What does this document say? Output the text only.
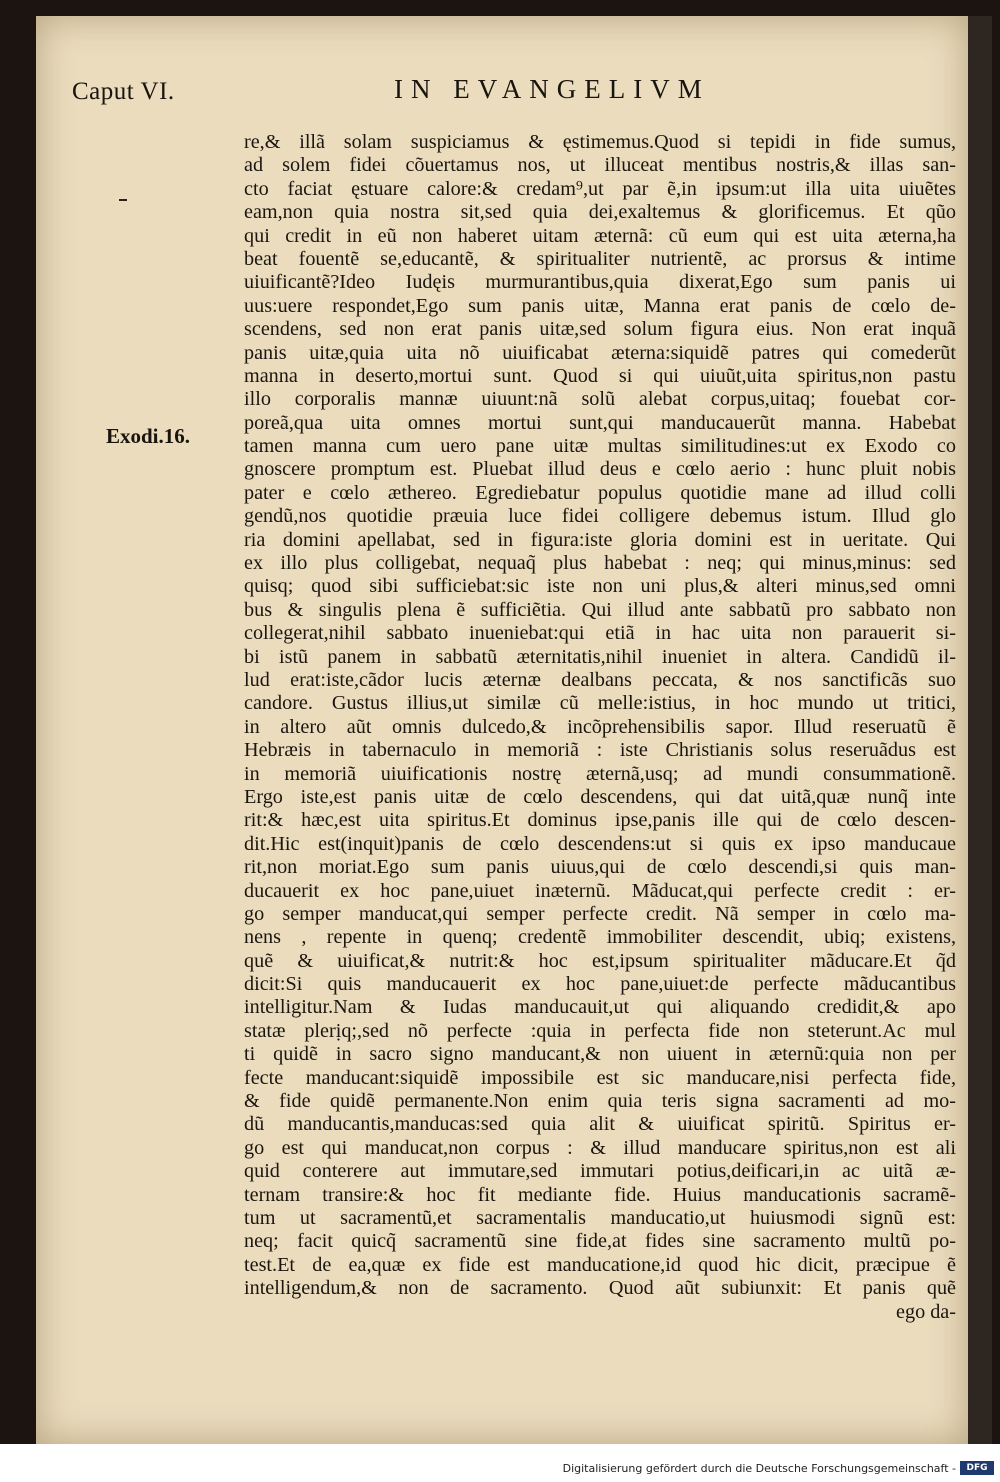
Caput VI.	IN EVANGELIVM
Exodi.16.
re,& illã solam suspiciamus & ęstimemus.Quod si tepidi in fide sumus,
ad solem fidei cõuertamus nos, ut illuceat mentibus nostris,& illas san-
cto faciat ęstuare calore:& credam⁹,ut par ẽ,in ipsum:ut illa uita uiuẽtes
eam,non quia nostra sit,sed quia dei,exaltemus & glorificemus. Et qũo
qui credit in eũ non haberet uitam æternã: cũ eum qui est uita æterna,ha
beat fouentẽ se,educantẽ, & spiritualiter nutrientẽ, ac prorsus & intime
uiuificantẽ?Ideo Iudęis murmurantibus,quia dixerat,Ego sum panis ui
uus:uere respondet,Ego sum panis uitæ, Manna erat panis de cœlo de-
scendens, sed non erat panis uitæ,sed solum figura eius. Non erat inquã
panis uitæ,quia uita nõ uiuificabat æterna:siquidẽ patres qui comederũt
manna in deserto,mortui sunt. Quod si qui uiuũt,uita spiritus,non pastu
illo corporalis mannæ uiuunt:nã solũ alebat corpus,uitaq; fouebat cor-
poreã,qua uita omnes mortui sunt,qui manducauerũt manna. Habebat
tamen manna cum uero pane uitæ multas similitudines:ut ex Exodo co
gnoscere promptum est. Pluebat illud deus e cœlo aerio : hunc pluit nobis
pater e cœlo æthereo. Egrediebatur populus quotidie mane ad illud colli
gendũ,nos quotidie præuia luce fidei colligere debemus istum. Illud glo
ria domini apellabat, sed in figura:iste gloria domini est in ueritate. Qui
ex illo plus colligebat, nequaq̃ plus habebat : neq; qui minus,minus: sed
quisq; quod sibi sufficiebat:sic iste non uni plus,& alteri minus,sed omni
bus & singulis plena ẽ sufficiẽtia. Qui illud ante sabbatũ pro sabbato non
collegerat,nihil sabbato inueniebat:qui etiã in hac uita non parauerit si-
bi istũ panem in sabbatũ æternitatis,nihil inueniet in altera. Candidũ il-
lud erat:iste,cãdor lucis æternæ dealbans peccata, & nos sanctificãs suo
candore. Gustus illius,ut similæ cũ melle:istius, in hoc mundo ut tritici,
in altero aũt omnis dulcedo,& incõprehensibilis sapor. Illud reseruatũ ẽ
Hebræis in tabernaculo in memoriã : iste Christianis solus reseruãdus est
in memoriã uiuificationis nostrę æternã,usq; ad mundi consummationẽ.
Ergo iste,est panis uitæ de cœlo descendens, qui dat uitã,quæ nunq̃ inte
rit:& hæc,est uita spiritus.Et dominus ipse,panis ille qui de cœlo descen-
dit.Hic est(inquit)panis de cœlo descendens:ut si quis ex ipso manducaue
rit,non moriat.Ego sum panis uiuus,qui de cœlo descendi,si quis man-
ducauerit ex hoc pane,uiuet inæternũ. Mãducat,qui perfecte credit : er-
go semper manducat,qui semper perfecte credit. Nã semper in cœlo ma-
nens , repente in quenq; credentẽ immobiliter descendit, ubiq; existens,
quẽ & uiuificat,& nutrit:& hoc est,ipsum spiritualiter mãducare.Et q̃d
dicit:Si quis manducauerit ex hoc pane,uiuet:de perfecte mãducantibus
intelligitur.Nam & Iudas manducauit,ut qui aliquando credidit,& apo
statæ plerịq;,sed nõ perfecte :quia in perfecta fide non steterunt.Ac mul
ti quidẽ in sacro signo manducant,& non uiuent in æternũ:quia non per
fecte manducant:siquidẽ impossibile est sic manducare,nisi perfecta fide,
& fide quidẽ permanente.Non enim quia teris signa sacramenti ad mo-
dũ manducantis,manducas:sed quia alit & uiuificat spiritũ. Spiritus er-
go est qui manducat,non corpus : & illud manducare spiritus,non est ali
quid conterere aut immutare,sed immutari potius,deificari,in ac uitã æ-
ternam transire:& hoc fit mediante fide. Huius manducationis sacramẽ-
tum ut sacramentũ,et sacramentalis manducatio,ut huiusmodi signũ est:
neq; facit quicq̃ sacramentũ sine fide,at fides sine sacramento multũ po-
test.Et de ea,quæ ex fide est manducatione,id quod hic dicit, præcipue ẽ
intelligendum,& non de sacramento. Quod aũt subiunxit: Et panis quẽ
ego da-
Digitalisierung gefördert durch die Deutsche Forschungsgemeinschaft -	DFG
